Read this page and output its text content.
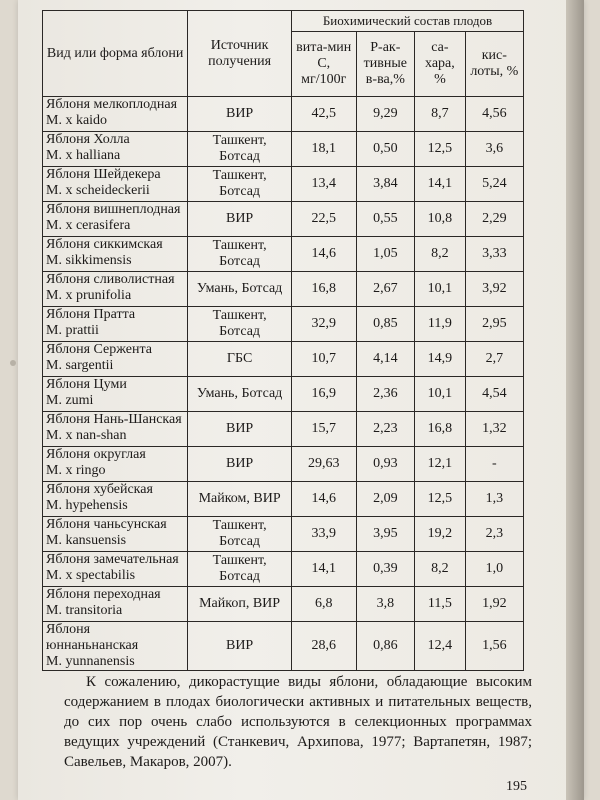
Вид или форма яблони	Источник получения	Биохимический состав плодов			
		вита-мин С, мг/100г	Р-ак-тивные в-ва,%	са-хара, %	кис-лоты, %

Яблоня мелкоплодная
M. x kaido	ВИР	42,5	9,29	8,7	4,56

Яблоня Холла
M. x halliana	Ташкент, Ботсад	18,1	0,50	12,5	3,6

Яблоня Шейдекера
M. x scheideckerii	Ташкент, Ботсад	13,4	3,84	14,1	5,24

Яблоня вишнеплодная
M. x cerasifera	ВИР	22,5	0,55	10,8	2,29

Яблоня сиккимская
M. sikkimensis	Ташкент, Ботсад	14,6	1,05	8,2	3,33

Яблоня сливолистная
M. x prunifolia	Умань, Ботсад	16,8	2,67	10,1	3,92

Яблоня Пратта
M. prattii	Ташкент, Ботсад	32,9	0,85	11,9	2,95

Яблоня Сержента
M. sargentii	ГБС	10,7	4,14	14,9	2,7

Яблоня Цуми
M. zumi	Умань, Ботсад	16,9	2,36	10,1	4,54

Яблоня Нань-Шанская
M. x nan-shan	ВИР	15,7	2,23	16,8	1,32

Яблоня округлая
M. x ringo	ВИР	29,63	0,93	12,1	-

Яблоня хубейская
M. hypehensis	Майком, ВИР	14,6	2,09	12,5	1,3

Яблоня чаньсунская
M. kansuensis	Ташкент, Ботсад	33,9	3,95	19,2	2,3

Яблоня замечательная
M. x spectabilis	Ташкент, Ботсад	14,1	0,39	8,2	1,0

Яблоня переходная
M. transitoria	Майкоп, ВИР	6,8	3,8	11,5	1,92

Яблоня юннаньнанская
M. yunnanensis	ВИР	28,6	0,86	12,4	1,56

К сожалению, дикорастущие виды яблони, обладающие высоким содержанием в плодах биологически активных и питательных веществ, до сих пор очень слабо используются в селекционных программах ведущих учреждений (Станкевич, Архипова, 1977; Вартапетян, 1987; Савельев, Макаров, 2007).

195
